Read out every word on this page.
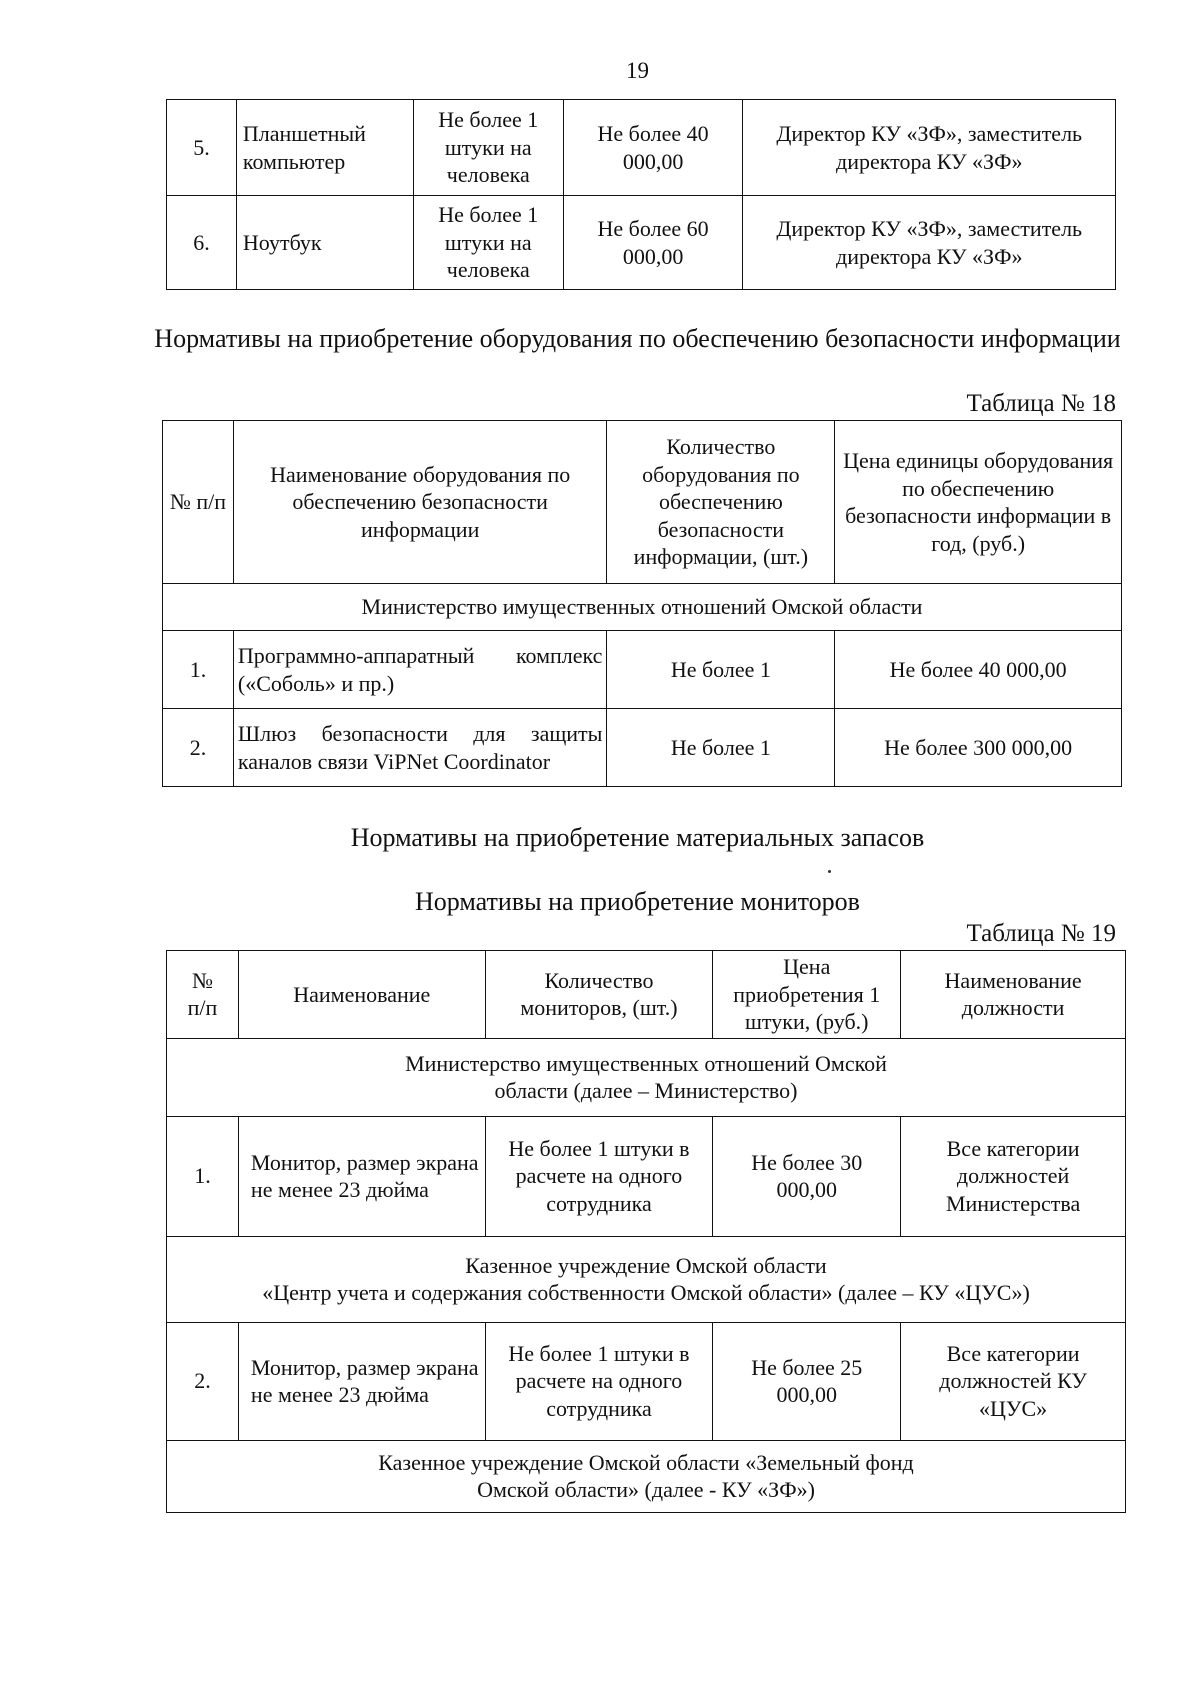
19
5.	Планшетный компьютер	Не более 1 штуки на человека	Не более 40 000,00	Директор КУ «ЗФ», заместитель директора КУ «ЗФ»
6.	Ноутбук	Не более 1 штуки на человека	Не более 60 000,00	Директор КУ «ЗФ», заместитель директора КУ «ЗФ»
Нормативы на приобретение оборудования по обеспечению безопасности информации
Таблица № 18
№ п/п	Наименование оборудования по обеспечению безопасности информации	Количество оборудования по обеспечению безопасности информации, (шт.)	Цена единицы оборудования по обеспечению безопасности информации в год, (руб.)
Министерство имущественных отношений Омской области			
1.	Программно-аппаратный комплекс («Соболь» и пр.)	Не более 1	Не более 40 000,00
2.	Шлюз безопасности для защиты каналов связи ViPNet Coordinator	Не более 1	Не более 300 000,00
Нормативы на приобретение материальных запасов
Нормативы на приобретение мониторов
Таблица № 19
№ п/п	Наименование	Количество мониторов, (шт.)	Цена приобретения 1 штуки, (руб.)	Наименование должности
Министерство имущественных отношений Омской области (далее – Министерство)				
1.	Монитор, размер экрана не менее 23 дюйма	Не более 1 штуки в расчете на одного сотрудника	Не более 30 000,00	Все категории должностей Министерства

Казенное учреждение Омской области
«Центр учета и содержания собственности Омской области» (далее – КУ «ЦУС»)				

2.	Монитор, размер экрана не менее 23 дюйма	Не более 1 штуки в расчете на одного сотрудника	Не более 25 000,00	Все категории должностей КУ «ЦУС»

Казенное учреждение Омской области «Земельный фонд
Омской области» (далее - КУ «ЗФ»)				
